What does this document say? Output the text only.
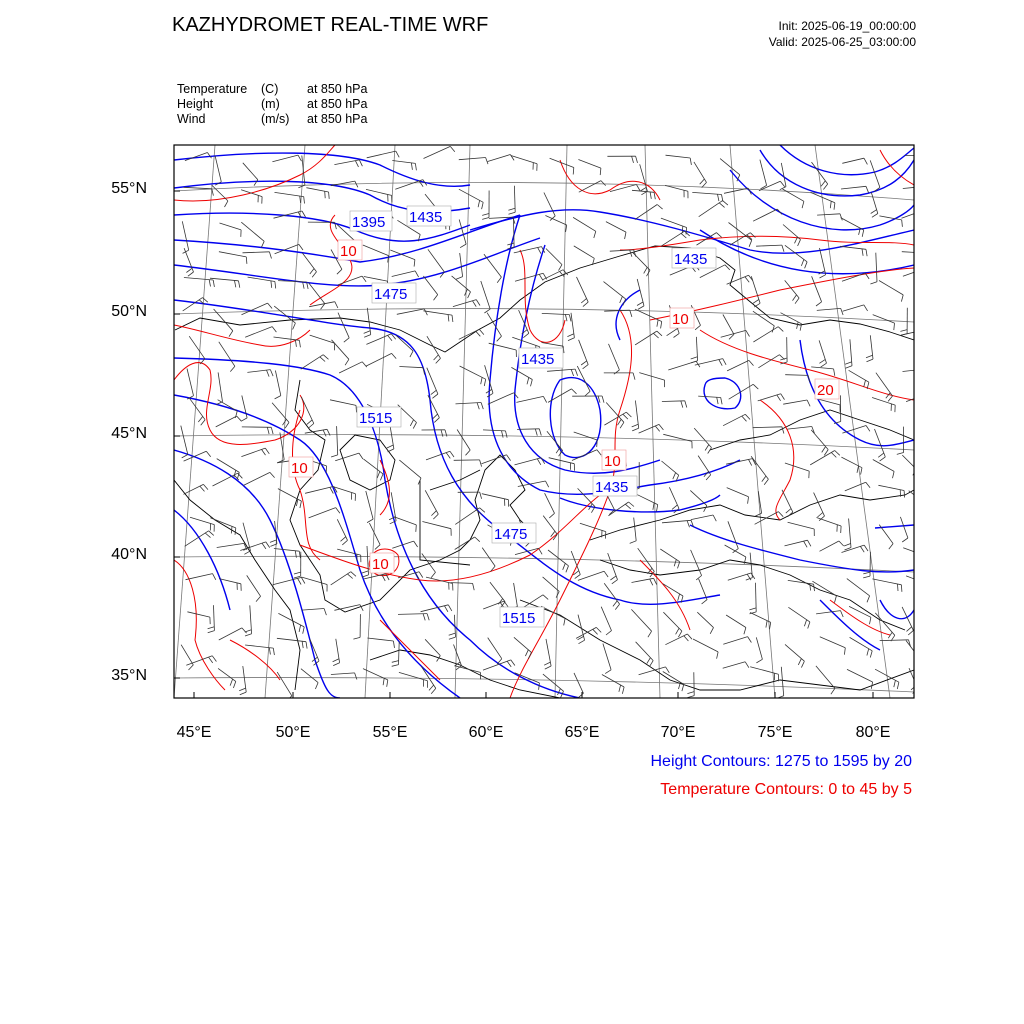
KAZHYDROMET REAL-TIME WRF	Init: 2025-06-19_00:00:00
Valid: 2025-06-25_03:00:00
Temperature (C) at 850 hPa
Height	(m) at 850 hPa
Wind	(m/s) at 850 hPa
1395 1435
1435
1475
1435
1515
1435
1475
1515
10
10
10
20
10
10
55°N
50°N
45°N
40°N
35°N
45°E	50°E	55°E	60°E	65°E	70°E	75°E	80°E
Height Contours: 1275 to 1595 by 20
Temperature Contours: 0 to 45 by 5
